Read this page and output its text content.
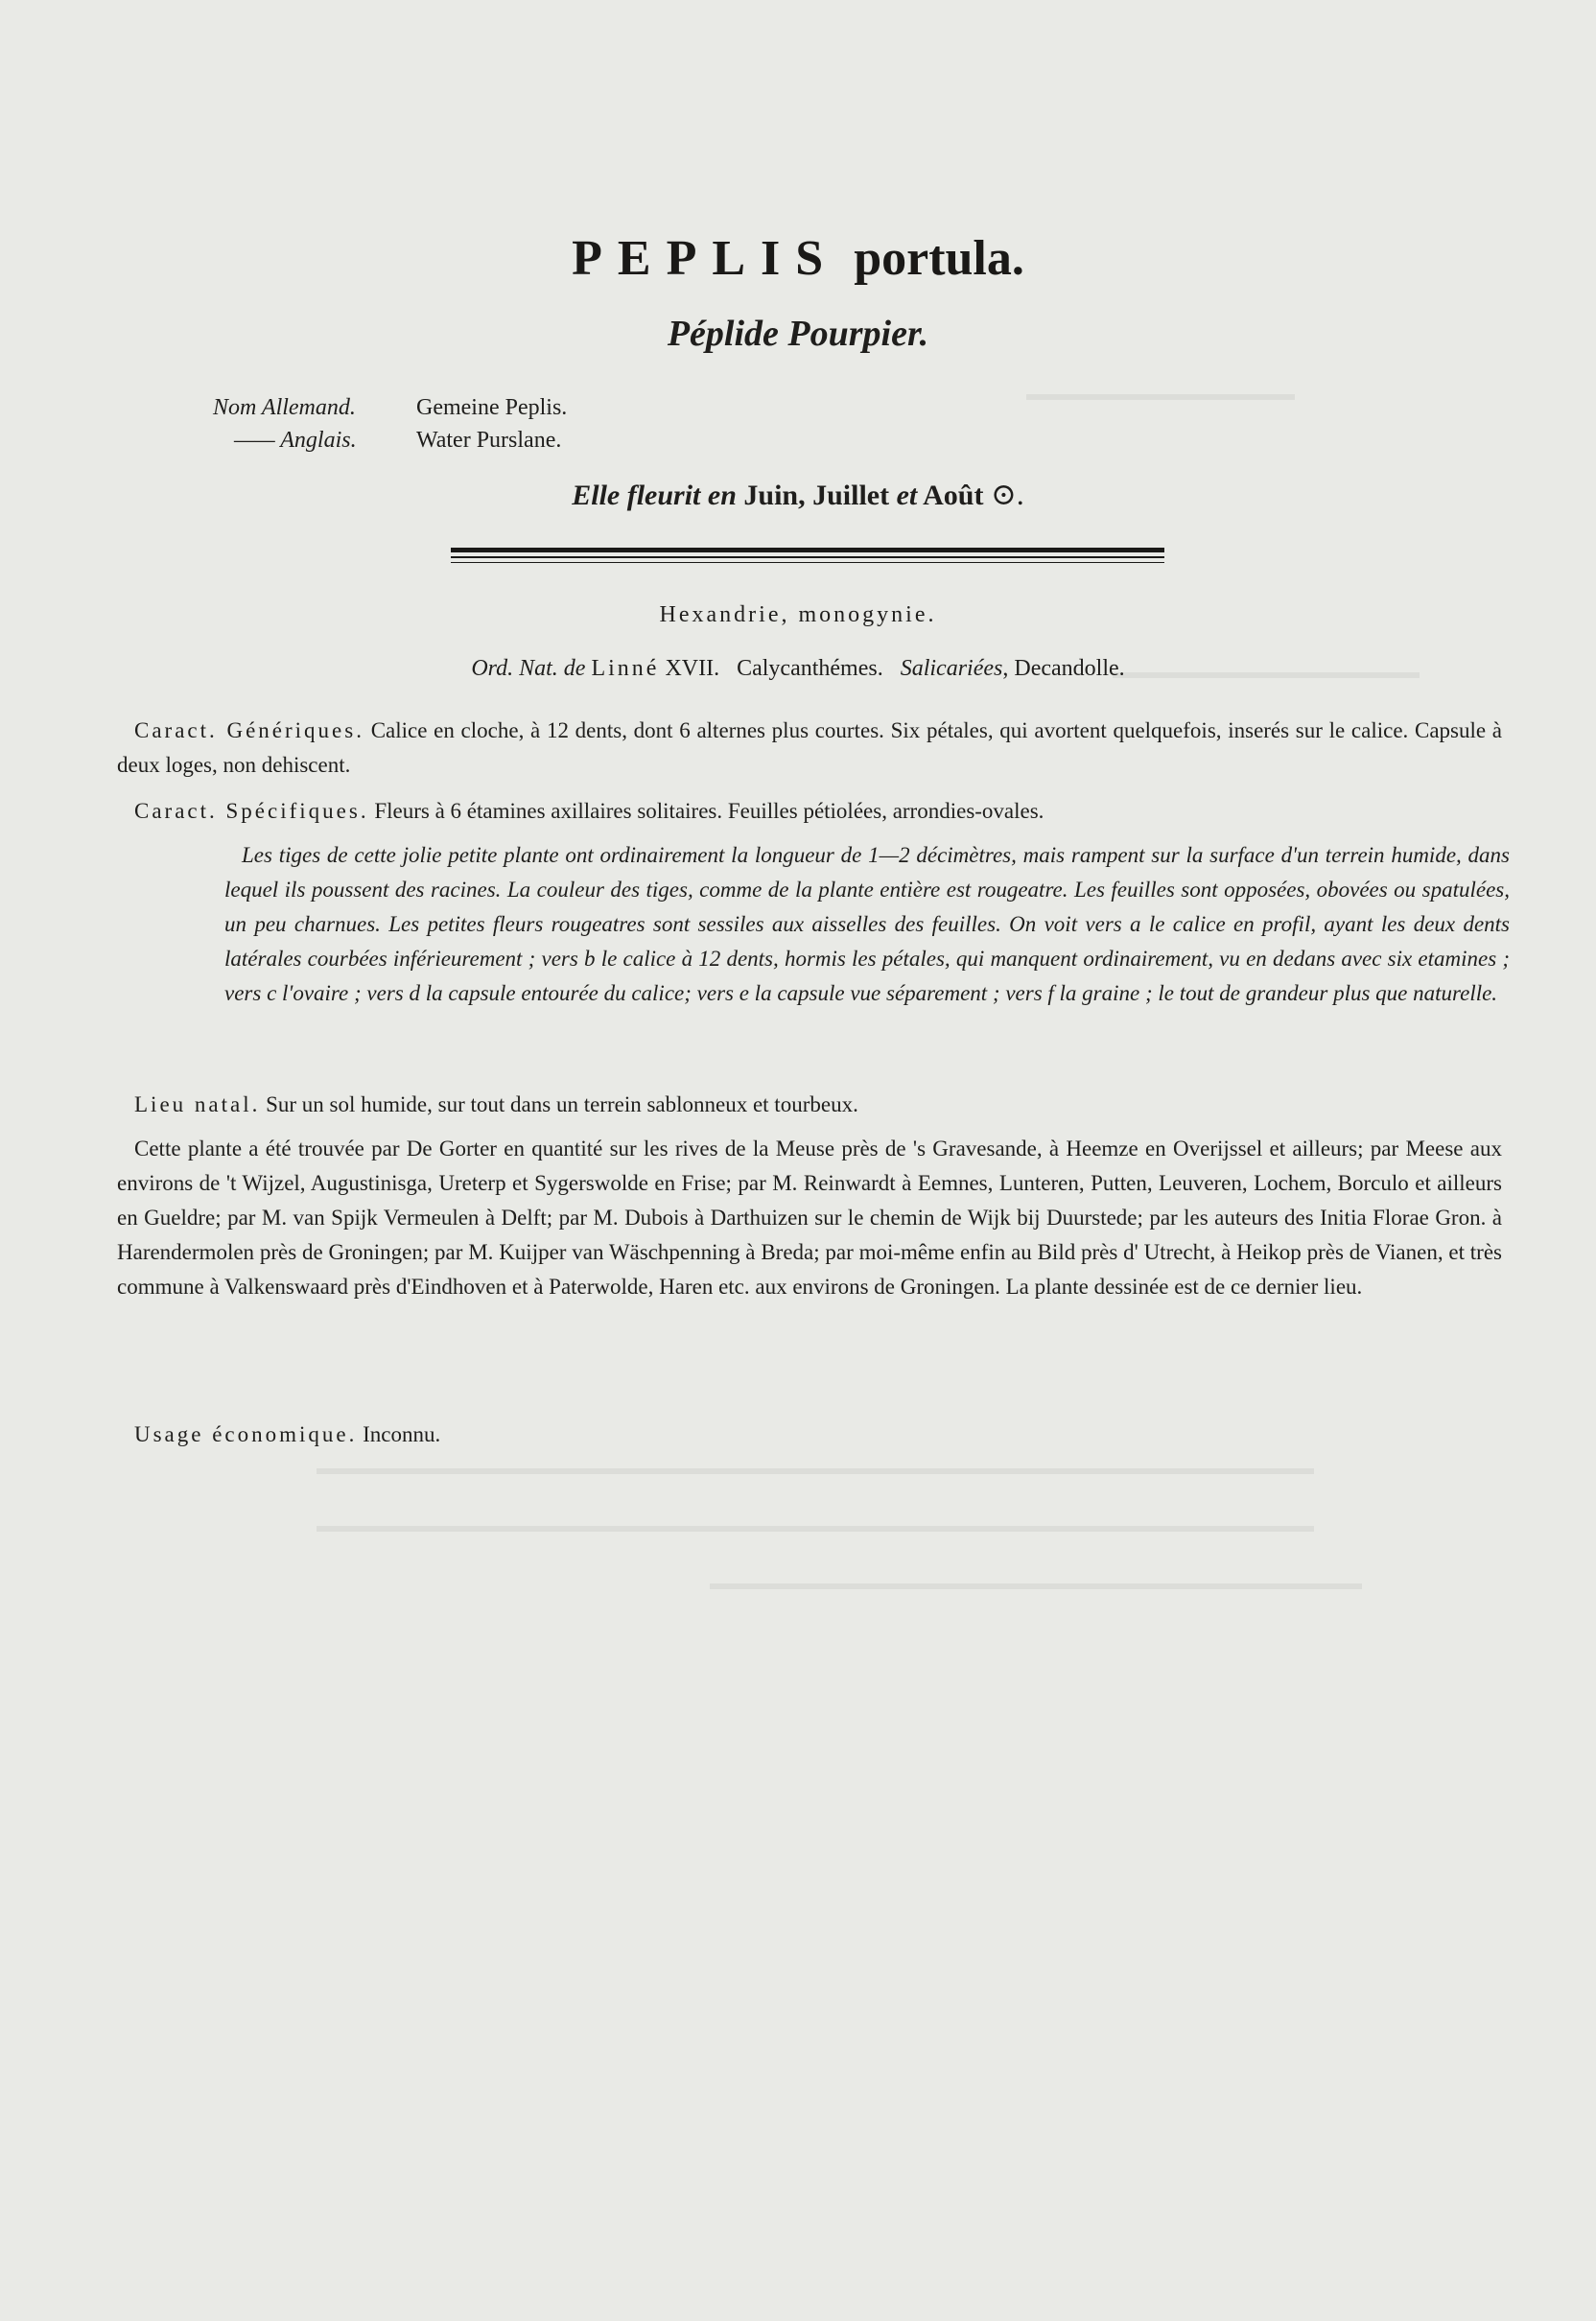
▬▬▬▬▬▬▬▬▬▬▬▬▬▬
▬▬▬▬▬▬▬▬▬▬▬▬▬▬▬▬
▬▬▬▬▬▬▬▬▬▬▬▬▬▬▬▬▬▬▬▬▬▬▬▬▬▬▬▬▬▬▬▬▬▬▬▬▬▬▬▬▬▬▬▬▬▬▬▬▬▬▬▬
▬▬▬▬▬▬▬▬▬▬▬▬▬▬▬▬▬▬▬▬▬▬▬▬▬▬▬▬▬▬▬▬▬▬▬▬▬▬▬▬▬▬▬▬▬▬▬▬▬▬▬▬
▬▬▬▬▬▬▬▬▬▬▬▬▬▬▬▬▬▬▬▬▬▬▬▬▬▬▬▬▬▬▬▬▬▬
PEPLIS portula.
Péplide Pourpier.
Nom Allemand.	Gemeine Peplis.
—— Anglais.	Water Purslane.
Elle fleurit en Juin, Juillet et Août ⊙.
Hexandrie, monogynie.
Ord. Nat. de Linné XVII. Calycanthémes. Salicariées, Decandolle.

Caract. Génériques. Calice en cloche, à 12 dents, dont 6 alternes plus courtes. Six pétales, qui avortent quelquefois, inserés sur le calice. Capsule à deux loges, non dehiscent.

Caract. Spécifiques. Fleurs à 6 étamines axillaires solitaires. Feuilles pétiolées, arrondies-ovales.

Les tiges de cette jolie petite plante ont ordinairement la longueur de 1—2 décimètres, mais rampent sur la surface d'un terrein humide, dans lequel ils poussent des racines. La couleur des tiges, comme de la plante entière est rougeatre. Les feuilles sont opposées, obovées ou spatulées, un peu charnues. Les petites fleurs rougeatres sont sessiles aux aisselles des feuilles. On voit vers a le calice en profil, ayant les deux dents latérales courbées inférieurement ; vers b le calice à 12 dents, hormis les pétales, qui manquent ordinairement, vu en dedans avec six etamines ; vers c l'ovaire ; vers d la capsule entourée du calice; vers e la capsule vue séparement ; vers f la graine ; le tout de grandeur plus que naturelle.

Lieu natal. Sur un sol humide, sur tout dans un terrein sablonneux et tourbeux.

Cette plante a été trouvée par De Gorter en quantité sur les rives de la Meuse près de 's Gravesande, à Heemze en Overijssel et ailleurs; par Meese aux environs de 't Wijzel, Augustinisga, Ureterp et Sygerswolde en Frise; par M. Reinwardt à Eemnes, Lunteren, Putten, Leuveren, Lochem, Borculo et ailleurs en Gueldre; par M. van Spijk Vermeulen à Delft; par M. Dubois à Darthuizen sur le chemin de Wijk bij Duurstede; par les auteurs des Initia Florae Gron. à Harendermolen près de Groningen; par M. Kuijper van Wäschpenning à Breda; par moi-même enfin au Bild près d' Utrecht, à Heikop près de Vianen, et très commune à Valkenswaard près d'Eindhoven et à Paterwolde, Haren etc. aux environs de Groningen. La plante dessinée est de ce dernier lieu.

Usage économique. Inconnu.
